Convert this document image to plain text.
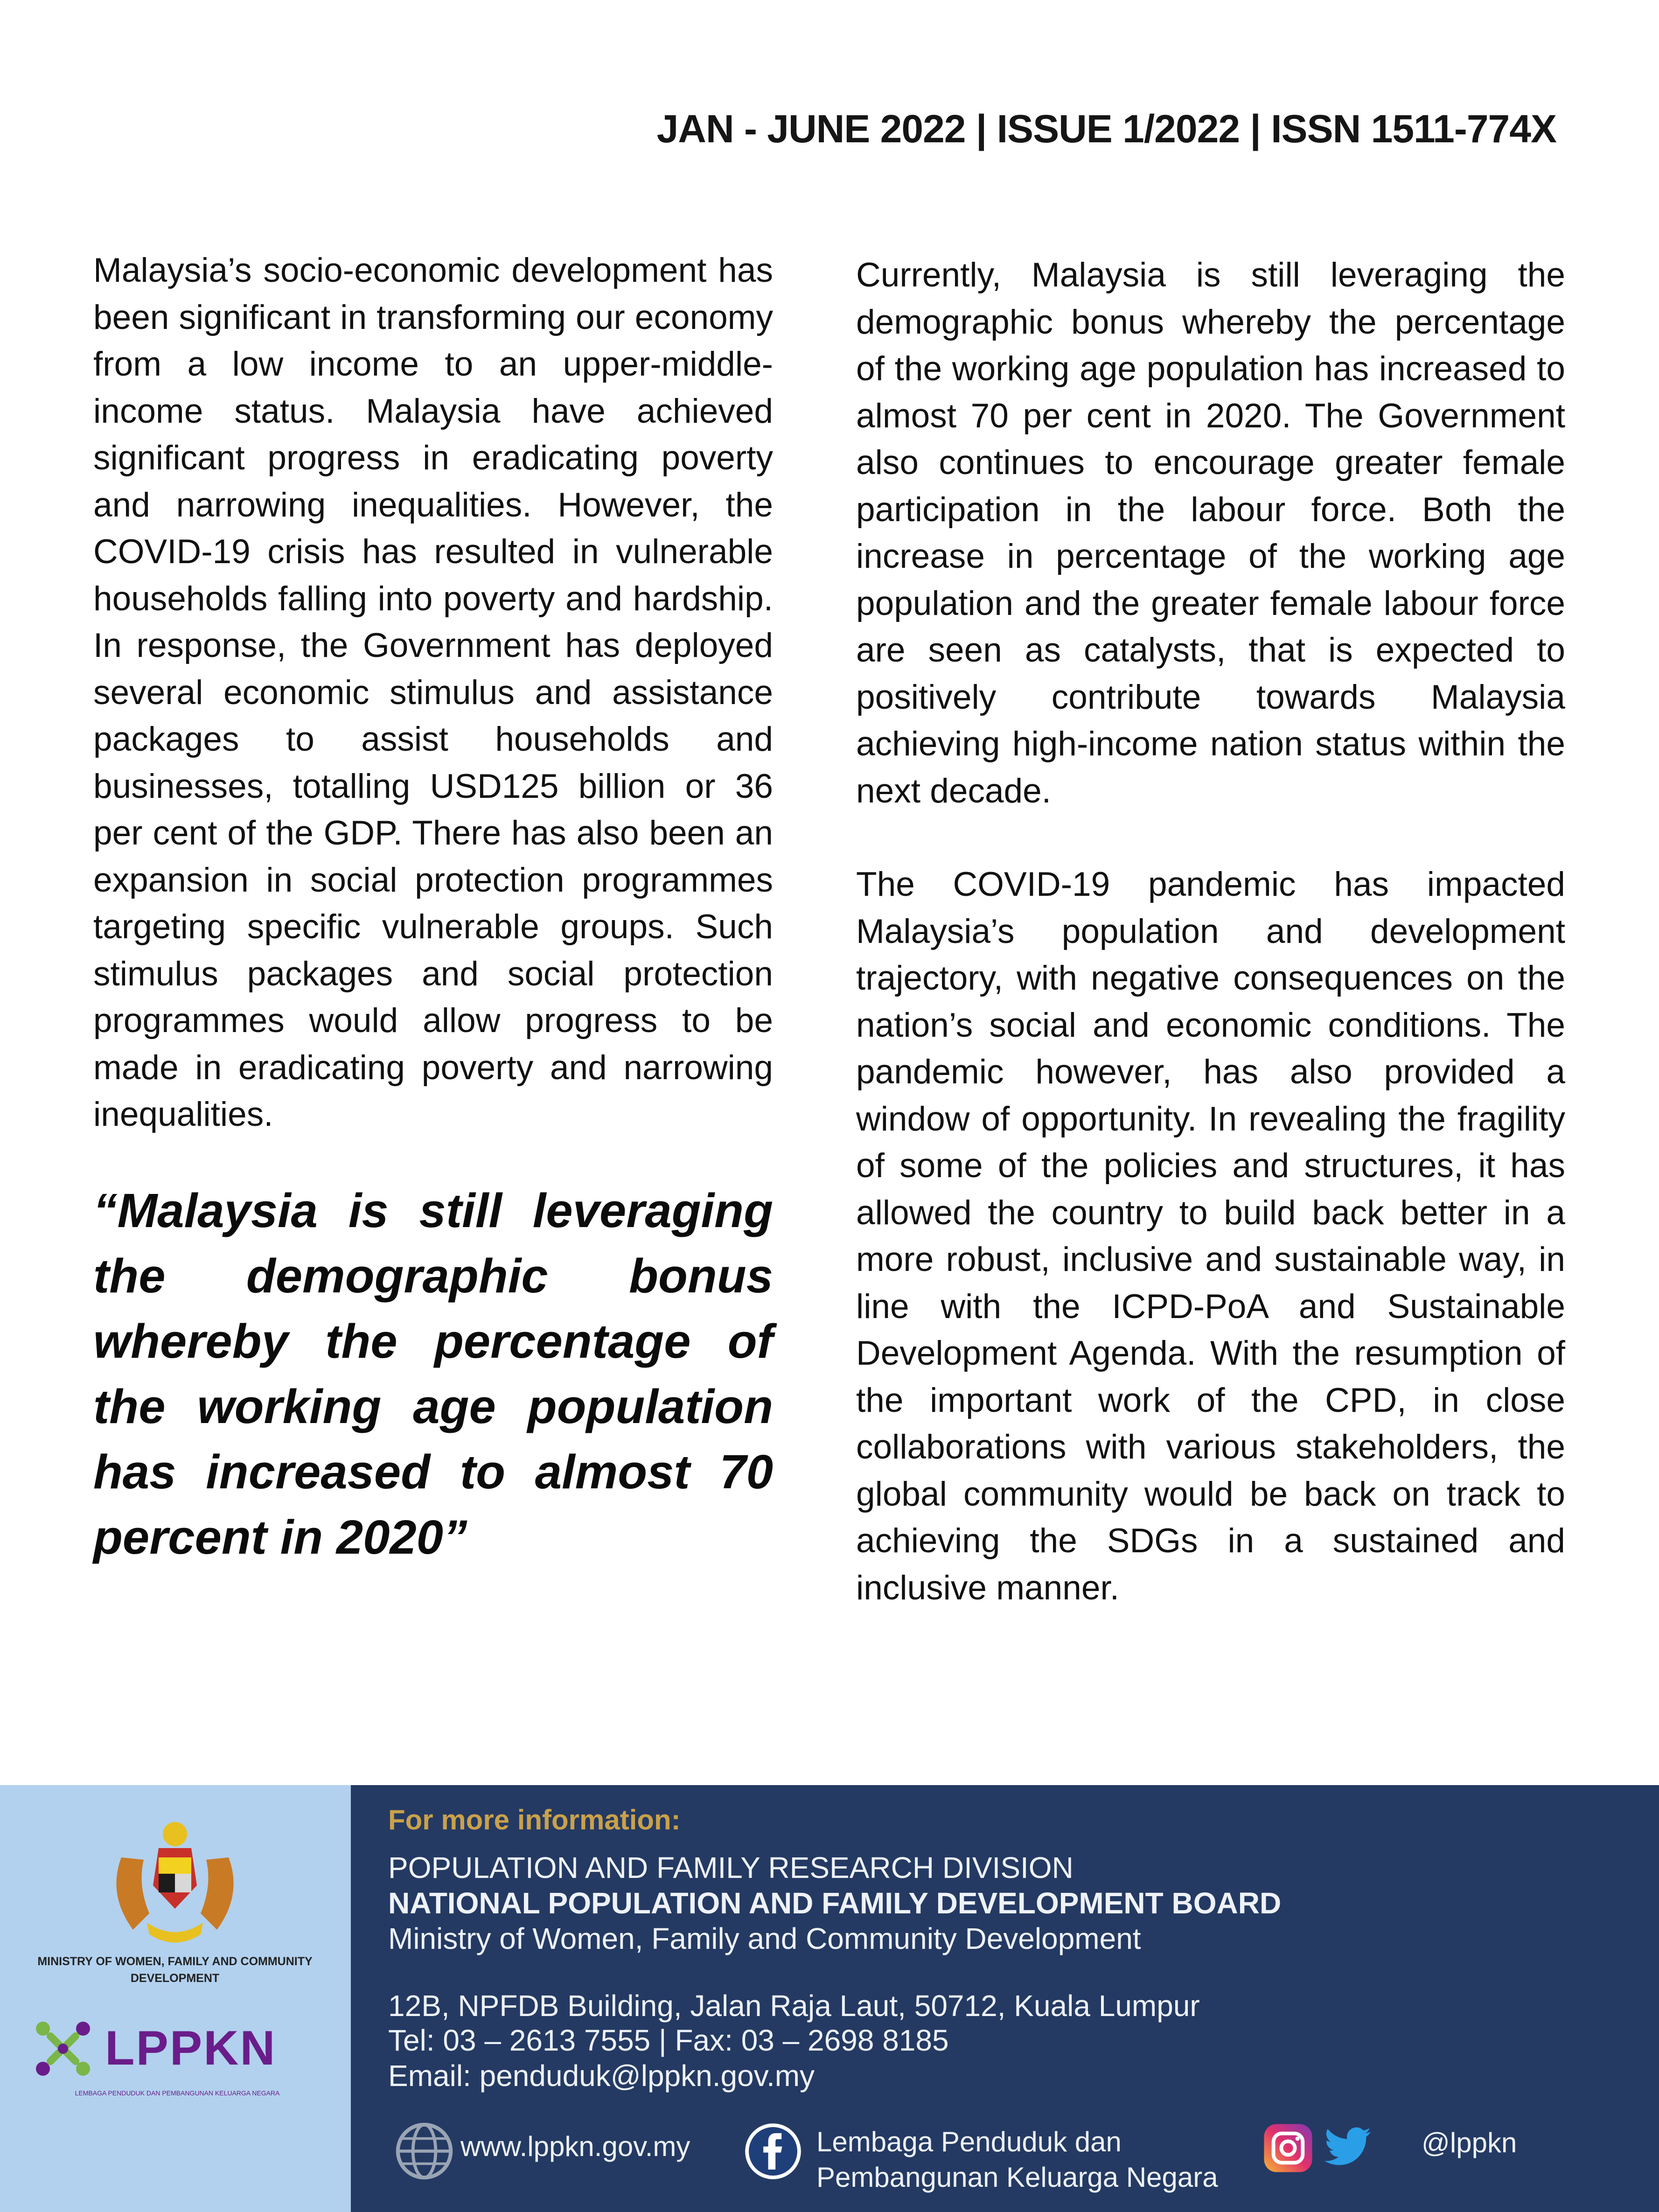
JAN - JUNE 2022 | ISSUE 1/2022 | ISSN 1511-774X

Malaysia’s socio-economic development has been significant in transforming our economy from a low income to an upper-middle-income status. Malaysia have achieved significant progress in eradicating poverty and narrowing inequalities. However, the COVID-19 crisis has resulted in vulnerable households falling into poverty and hardship. In response, the Government has deployed several economic stimulus and assistance packages to assist households and businesses, totalling USD125 billion or 36 per cent of the GDP. There has also been an expansion in social protection programmes targeting specific vulnerable groups. Such stimulus packages and social protection programmes would allow progress to be made in eradicating poverty and narrowing inequalities.

“Malaysia is still leveraging the demographic bonus whereby the percentage of the working age population has increased to almost 70 percent in 2020”

Currently, Malaysia is still leveraging the demographic bonus whereby the percentage of the working age population has increased to almost 70 per cent in 2020. The Government also continues to encourage greater female participation in the labour force. Both the increase in percentage of the working age population and the greater female labour force are seen as catalysts, that is expected to positively contribute towards Malaysia achieving high-income nation status within the next decade.

The COVID-19 pandemic has impacted Malaysia’s population and development trajectory, with negative consequences on the nation’s social and economic conditions. The pandemic however, has also provided a window of opportunity. In revealing the fragility of some of the policies and structures, it has allowed the country to build back better in a more robust, inclusive and sustainable way, in line with the ICPD-PoA and Sustainable Development Agenda. With the resumption of the important work of the CPD, in close collaborations with various stakeholders, the global community would be back on track to achieving the SDGs in a sustained and inclusive manner.

MINISTRY OF WOMEN, FAMILY AND COMMUNITY DEVELOPMENT
LPPKN
LEMBAGA PENDUDUK DAN PEMBANGUNAN KELUARGA NEGARA
For more information:
POPULATION AND FAMILY RESEARCH DIVISION
NATIONAL POPULATION AND FAMILY DEVELOPMENT BOARD
Ministry of Women, Family and Community Development
12B, NPFDB Building, Jalan Raja Laut, 50712, Kuala Lumpur
Tel: 03 – 2613 7555 | Fax: 03 – 2698 8185
Email: penduduk@lppkn.gov.my
www.lppkn.gov.my	Lembaga Penduduk dan
Pembangunan Keluarga Negara
@lppkn
